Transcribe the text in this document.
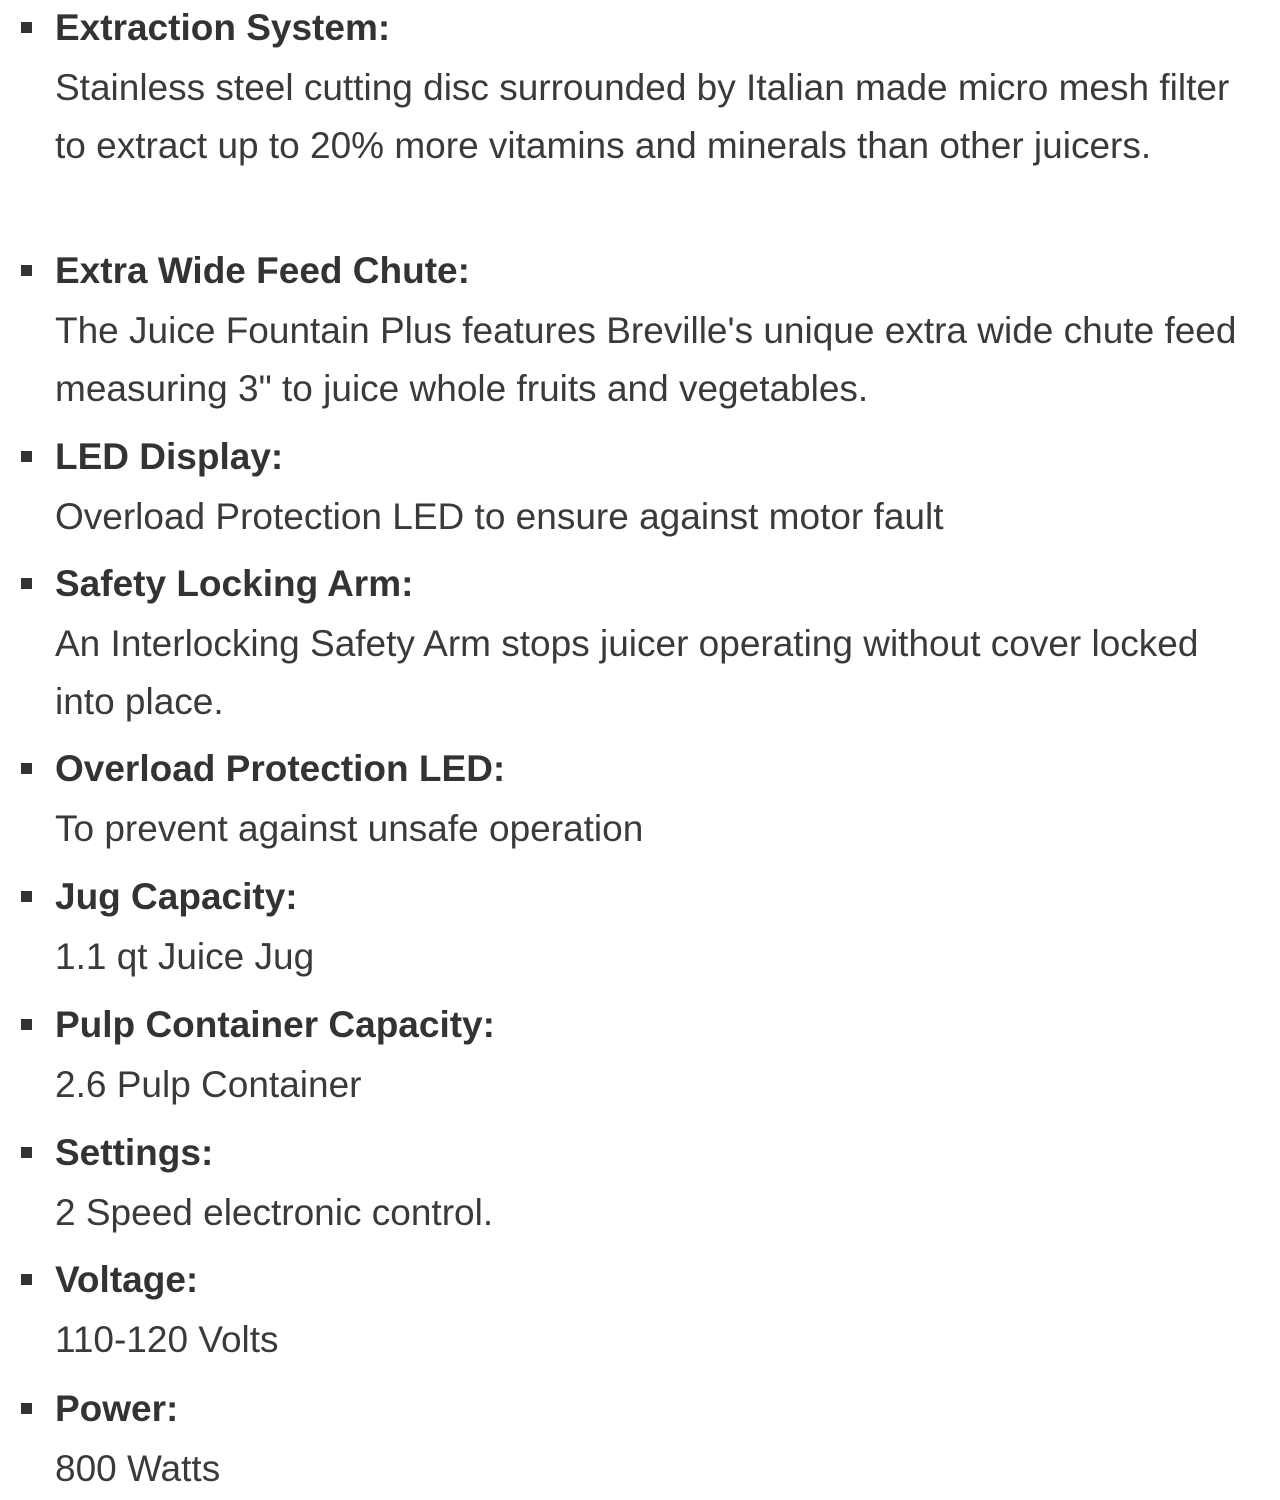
Extraction System:
Stainless steel cutting disc surrounded by Italian made micro mesh filter to extract up to 20% more vitamins and minerals than other juicers.
Extra Wide Feed Chute:
The Juice Fountain Plus features Breville's unique extra wide chute feed measuring 3" to juice whole fruits and vegetables.
LED Display:
Overload Protection LED to ensure against motor fault
Safety Locking Arm:
An Interlocking Safety Arm stops juicer operating without cover locked into place.
Overload Protection LED:
To prevent against unsafe operation
Jug Capacity:
1.1 qt Juice Jug
Pulp Container Capacity:
2.6 Pulp Container
Settings:
2 Speed electronic control.
Voltage:
110-120 Volts
Power:
800 Watts
